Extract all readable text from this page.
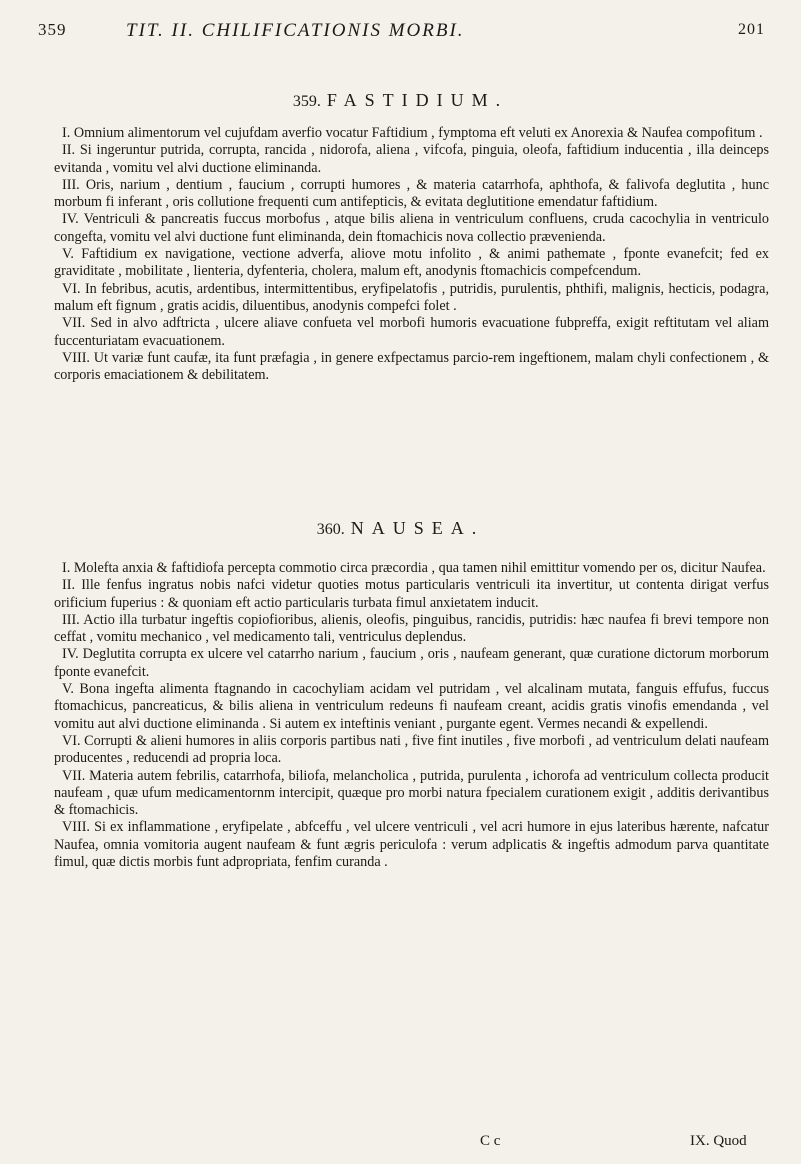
359	TIT. II. CHILIFICATIONIS MORBI.	201
359. FASTIDIUM.

I. Omnium alimentorum vel cujufdam averfio vocatur Faftidium , fymptoma eft veluti ex Anorexia & Naufea compofitum .

II. Si ingeruntur putrida, corrupta, rancida , nidorofa, aliena , vifcofa, pinguia, oleofa, faftidium inducentia , illa deinceps evitanda , vomitu vel alvi ductione eliminanda.

III. Oris, narium , dentium , faucium , corrupti humores , & materia catarrhofa, aphthofa, & falivofa deglutita , hunc morbum fi inferant , oris collutione frequenti cum antifepticis, & evitata deglutitione emendatur faftidium.

IV. Ventriculi & pancreatis fuccus morbofus , atque bilis aliena in ventriculum confluens, cruda cacochylia in ventriculo congefta, vomitu vel alvi ductione funt eliminanda, dein ftomachicis nova collectio prævenienda.

V. Faftidium ex navigatione, vectione adverfa, aliove motu infolito , & animi pathemate , fponte evanefcit; fed ex graviditate , mobilitate , lienteria, dyfenteria, cholera, malum eft, anodynis ftomachicis compefcendum.

VI. In febribus, acutis, ardentibus, intermittentibus, eryfipelatofis , putridis, purulentis, phthifi, malignis, hecticis, podagra, malum eft fignum , gratis acidis, diluentibus, anodynis compefci folet .

VII. Sed in alvo adftricta , ulcere aliave confueta vel morbofi humoris evacuatione fubpreffa, exigit reftitutam vel aliam fuccenturiatam evacuationem.

VIII. Ut variæ funt caufæ, ita funt præfagia , in genere exfpectamus parcio-rem ingeftionem, malam chyli confectionem , & corporis emaciationem & debilitatem.

360. NAUSEA.

I. Molefta anxia & faftidiofa percepta commotio circa præcordia , qua tamen nihil emittitur vomendo per os, dicitur Naufea.

II. Ille fenfus ingratus nobis nafci videtur quoties motus particularis ventriculi ita invertitur, ut contenta dirigat verfus orificium fuperius : & quoniam eft actio particularis turbata fimul anxietatem inducit.

III. Actio illa turbatur ingeftis copiofioribus, alienis, oleofis, pinguibus, rancidis, putridis: hæc naufea fi brevi tempore non ceffat , vomitu mechanico , vel medicamento tali, ventriculus deplendus.

IV. Deglutita corrupta ex ulcere vel catarrho narium , faucium , oris , naufeam generant, quæ curatione dictorum morborum fponte evanefcit.

V. Bona ingefta alimenta ftagnando in cacochyliam acidam vel putridam , vel alcalinam mutata, fanguis effufus, fuccus ftomachicus, pancreaticus, & bilis aliena in ventriculum redeuns fi naufeam creant, acidis gratis vinofis emendanda , vel vomitu aut alvi ductione eliminanda . Si autem ex inteftinis veniant , purgante egent. Vermes necandi & expellendi.

VI. Corrupti & alieni humores in aliis corporis partibus nati , five fint inutiles , five morbofi , ad ventriculum delati naufeam producentes , reducendi ad propria loca.

VII. Materia autem febrilis, catarrhofa, biliofa, melancholica , putrida, purulenta , ichorofa ad ventriculum collecta producit naufeam , quæ ufum medicamentornm intercipit, quæque pro morbi natura fpecialem curationem exigit , additis derivantibus & ftomachicis.

VIII. Si ex inflammatione , eryfipelate , abfceffu , vel ulcere ventriculi , vel acri humore in ejus lateribus hærente, nafcatur Naufea, omnia vomitoria augent naufeam & funt ægris periculofa : verum adplicatis & ingeftis admodum parva quantitate fimul, quæ dictis morbis funt adpropriata, fenfim curanda .

C c	IX. Quod
